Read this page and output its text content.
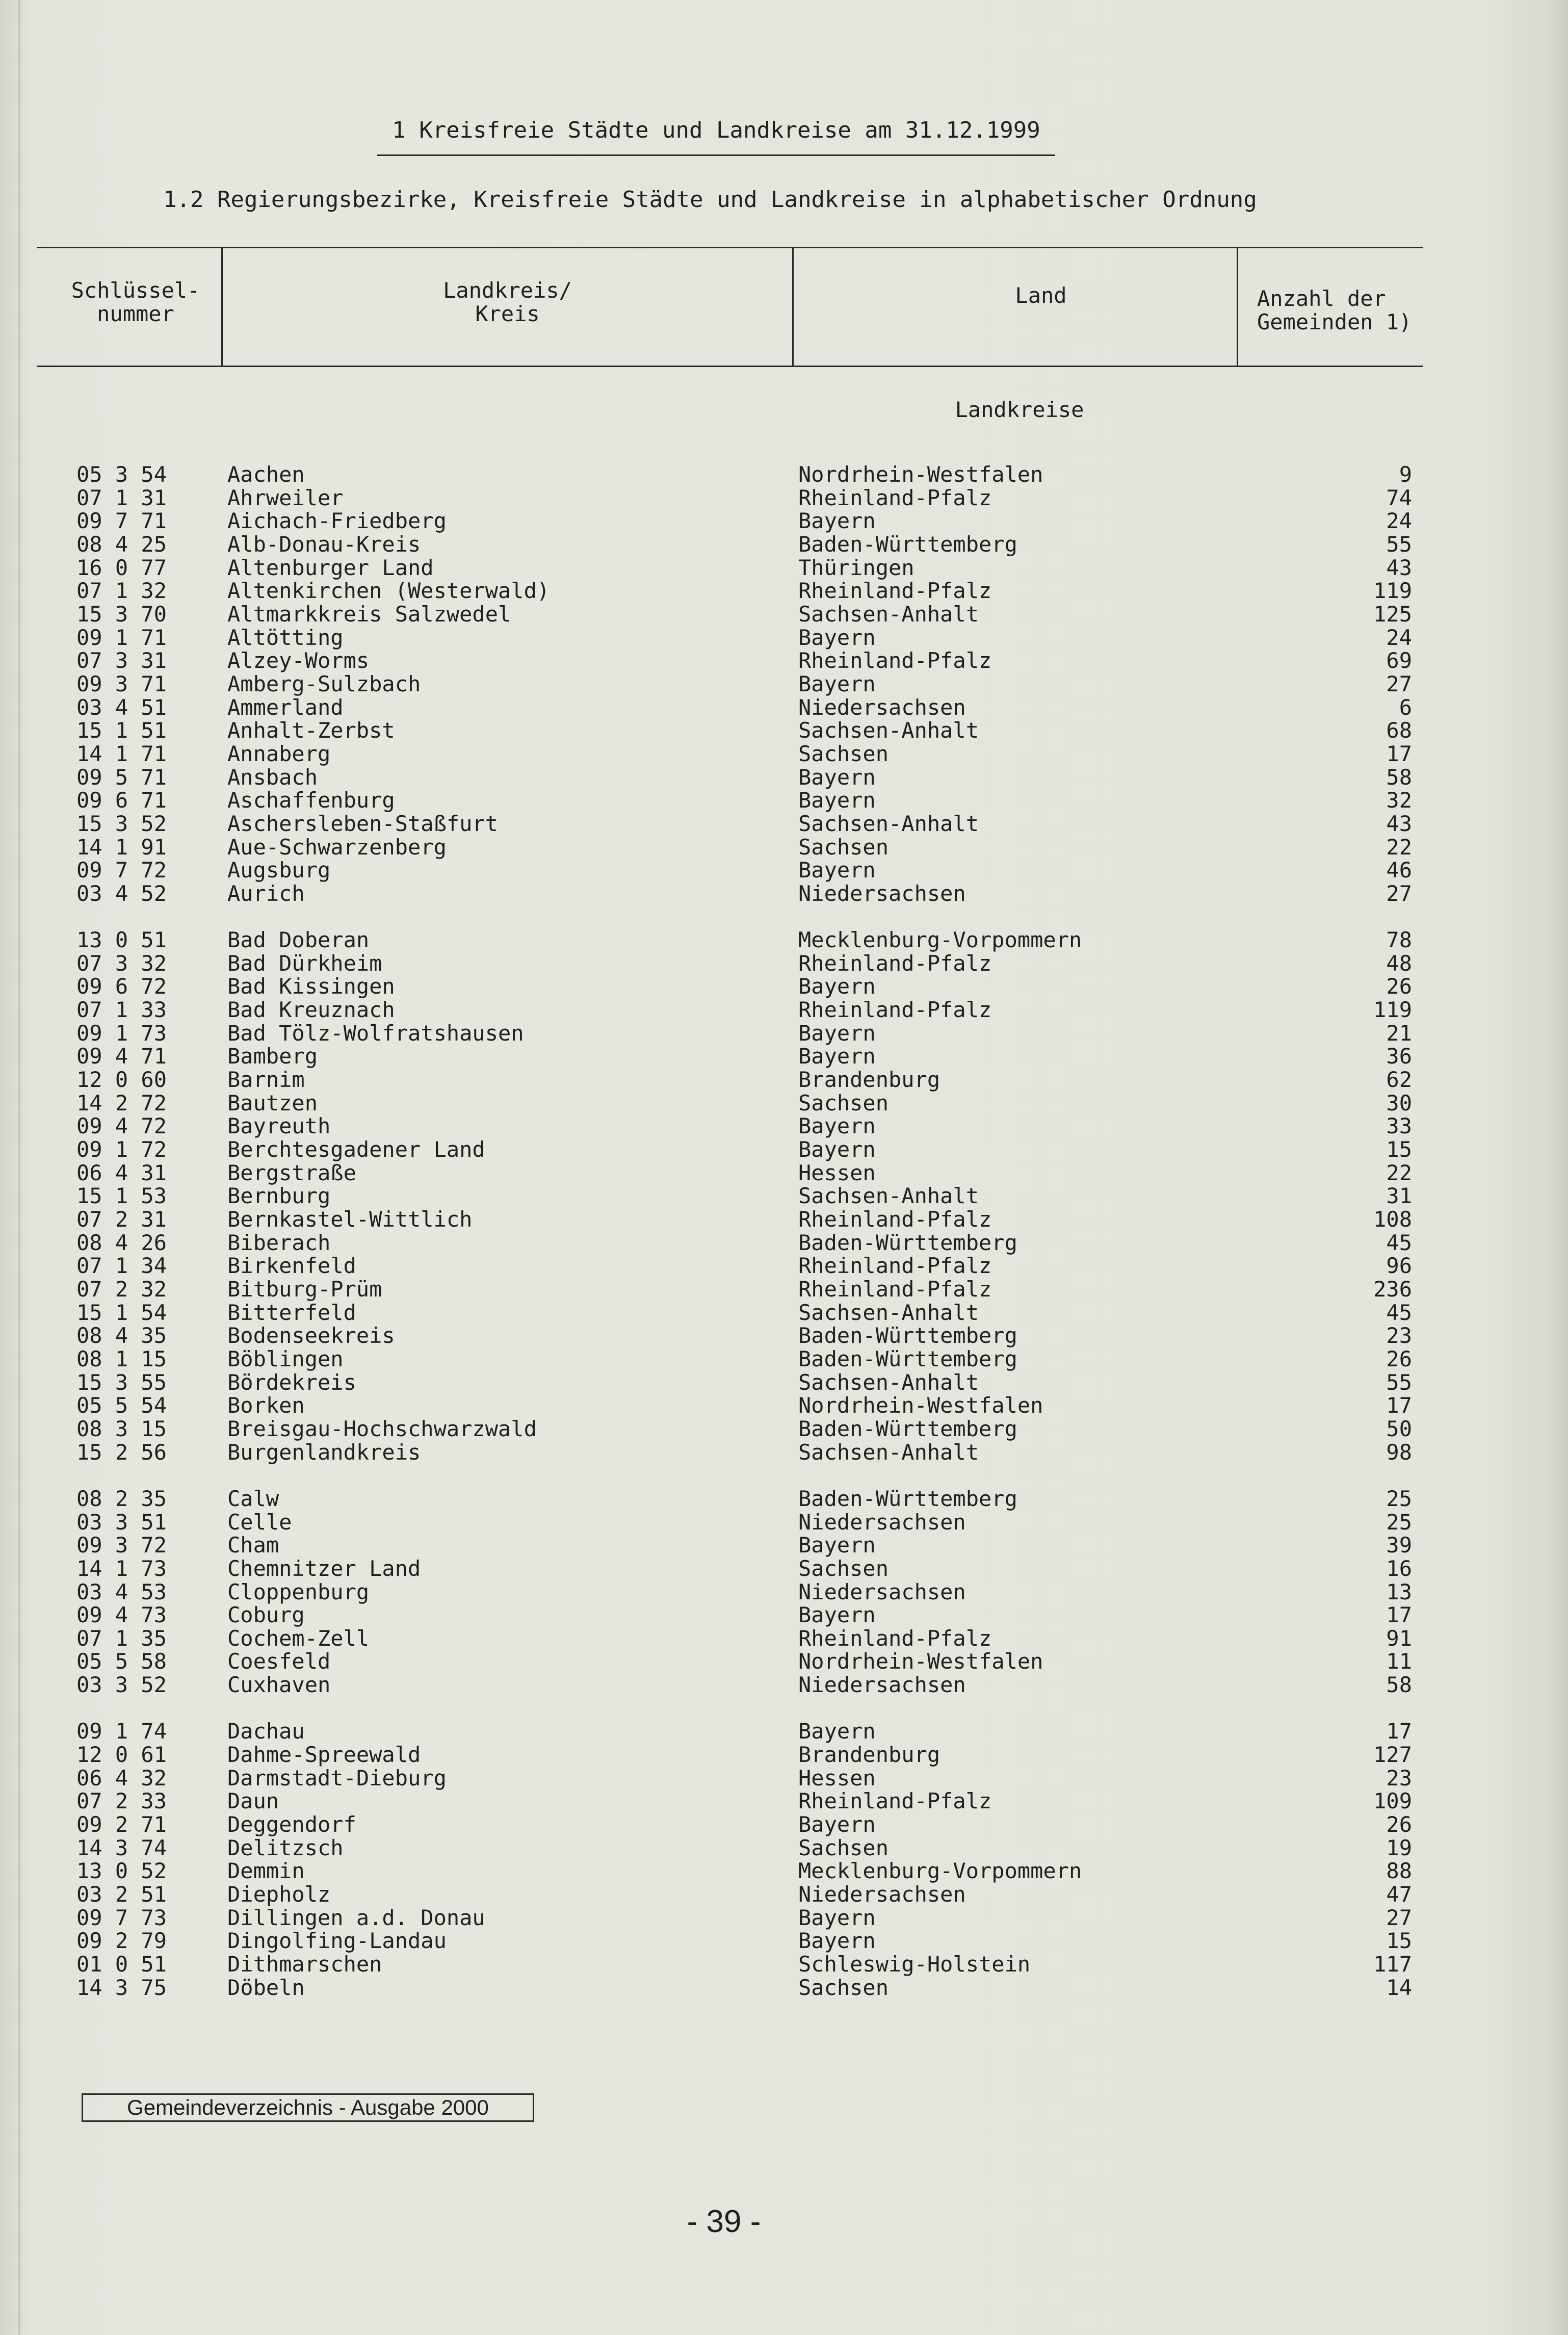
1 Kreisfreie Städte und Landkreise am 31.12.1999
1.2 Regierungsbezirke, Kreisfreie Städte und Landkreise in alphabetischer Ordnung
Schlüssel-
nummer
Landkreis/
Kreis
Land	Anzahl der
Gemeinden 1)
Landkreise
05 3 54	Aachen	Nordrhein-Westfalen	9
07 1 31	Ahrweiler	Rheinland-Pfalz	74
09 7 71	Aichach-Friedberg	Bayern	24
08 4 25	Alb-Donau-Kreis	Baden-Württemberg	55
16 0 77	Altenburger Land	Thüringen	43
07 1 32	Altenkirchen (Westerwald)	Rheinland-Pfalz	119
15 3 70	Altmarkkreis Salzwedel	Sachsen-Anhalt	125
09 1 71	Altötting	Bayern	24
07 3 31	Alzey-Worms	Rheinland-Pfalz	69
09 3 71	Amberg-Sulzbach	Bayern	27
03 4 51	Ammerland	Niedersachsen	6
15 1 51	Anhalt-Zerbst	Sachsen-Anhalt	68
14 1 71	Annaberg	Sachsen	17
09 5 71	Ansbach	Bayern	58
09 6 71	Aschaffenburg	Bayern	32
15 3 52	Aschersleben-Staßfurt	Sachsen-Anhalt	43
14 1 91	Aue-Schwarzenberg	Sachsen	22
09 7 72	Augsburg	Bayern	46
03 4 52	Aurich	Niedersachsen	27
13 0 51	Bad Doberan	Mecklenburg-Vorpommern	78
07 3 32	Bad Dürkheim	Rheinland-Pfalz	48
09 6 72	Bad Kissingen	Bayern	26
07 1 33	Bad Kreuznach	Rheinland-Pfalz	119
09 1 73	Bad Tölz-Wolfratshausen	Bayern	21
09 4 71	Bamberg	Bayern	36
12 0 60	Barnim	Brandenburg	62
14 2 72	Bautzen	Sachsen	30
09 4 72	Bayreuth	Bayern	33
09 1 72	Berchtesgadener Land	Bayern	15
06 4 31	Bergstraße	Hessen	22
15 1 53	Bernburg	Sachsen-Anhalt	31
07 2 31	Bernkastel-Wittlich	Rheinland-Pfalz	108
08 4 26	Biberach	Baden-Württemberg	45
07 1 34	Birkenfeld	Rheinland-Pfalz	96
07 2 32	Bitburg-Prüm	Rheinland-Pfalz	236
15 1 54	Bitterfeld	Sachsen-Anhalt	45
08 4 35	Bodenseekreis	Baden-Württemberg	23
08 1 15	Böblingen	Baden-Württemberg	26
15 3 55	Bördekreis	Sachsen-Anhalt	55
05 5 54	Borken	Nordrhein-Westfalen	17
08 3 15	Breisgau-Hochschwarzwald	Baden-Württemberg	50
15 2 56	Burgenlandkreis	Sachsen-Anhalt	98
08 2 35	Calw	Baden-Württemberg	25
03 3 51	Celle	Niedersachsen	25
09 3 72	Cham	Bayern	39
14 1 73	Chemnitzer Land	Sachsen	16
03 4 53	Cloppenburg	Niedersachsen	13
09 4 73	Coburg	Bayern	17
07 1 35	Cochem-Zell	Rheinland-Pfalz	91
05 5 58	Coesfeld	Nordrhein-Westfalen	11
03 3 52	Cuxhaven	Niedersachsen	58
09 1 74	Dachau	Bayern	17
12 0 61	Dahme-Spreewald	Brandenburg	127
06 4 32	Darmstadt-Dieburg	Hessen	23
07 2 33	Daun	Rheinland-Pfalz	109
09 2 71	Deggendorf	Bayern	26
14 3 74	Delitzsch	Sachsen	19
13 0 52	Demmin	Mecklenburg-Vorpommern	88
03 2 51	Diepholz	Niedersachsen	47
09 7 73	Dillingen a.d. Donau	Bayern	27
09 2 79	Dingolfing-Landau	Bayern	15
01 0 51	Dithmarschen	Schleswig-Holstein	117
14 3 75	Döbeln	Sachsen	14
Gemeindeverzeichnis - Ausgabe 2000
- 39 -
